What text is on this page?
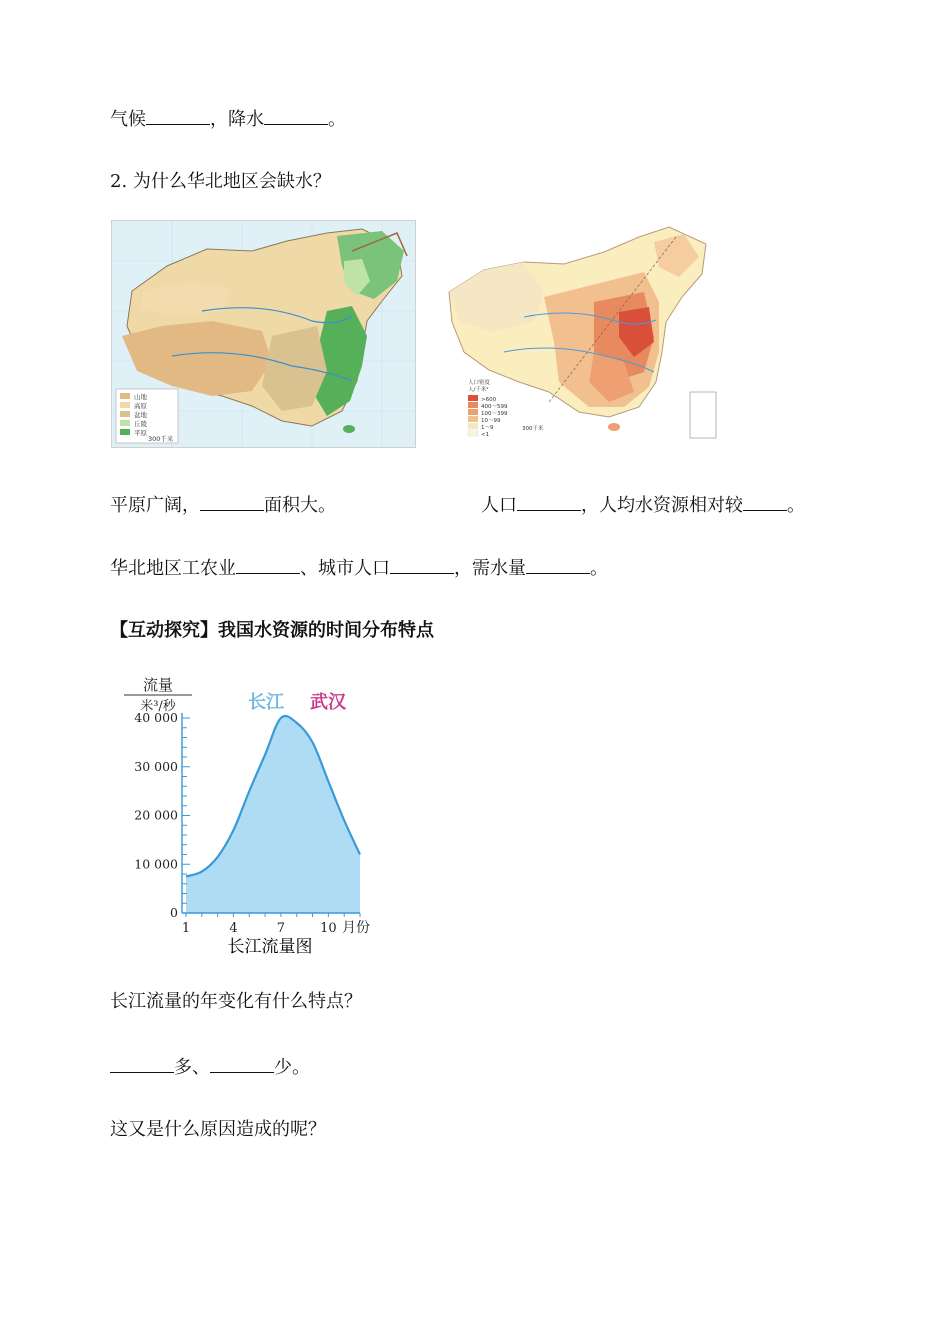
气候	，降水	。
2. 为什么华北地区会缺水？
山地
高原
盆地
丘陵
平原
300千米
人口密度
人/千米²
>600
400～599
100～399
10～99
1～9
<1
300千米
平原广阔，	面积大。	人口	，人均水资源相对较 。
华北地区工农业	、城市人口	，需水量	。
【互动探究】我国水资源的时间分布特点
0
10 000
20 000
30 000
40 000
1	4	7	10
流量
米³/秒
月份
长江 武汉
长江流量图
长江流量的年变化有什么特点？
多、	少。
这又是什么原因造成的呢？
